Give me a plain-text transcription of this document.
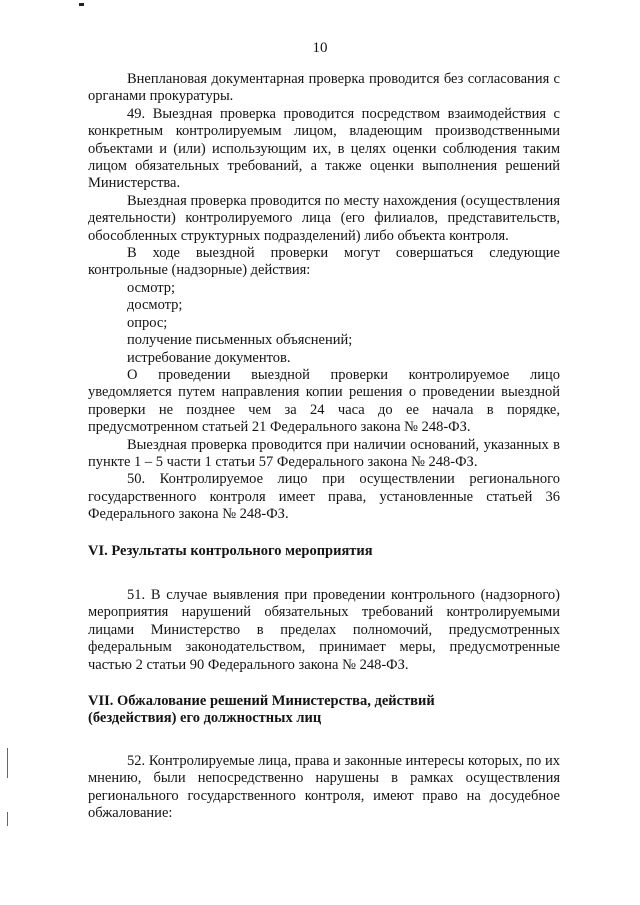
10

Внеплановая документарная проверка проводится без согласования с органами прокуратуры.

49. Выездная проверка проводится посредством взаимодействия с конкретным контролируемым лицом, владеющим производственными объектами и (или) использующим их, в целях оценки соблюдения таким лицом обязательных требований, а также оценки выполнения решений Министерства.

Выездная проверка проводится по месту нахождения (осуществления деятельности) контролируемого лица (его филиалов, представительств, обособленных структурных подразделений) либо объекта контроля.

В ходе выездной проверки могут совершаться следующие контрольные (надзорные) действия:

осмотр;

досмотр;

опрос;

получение письменных объяснений;

истребование документов.

О проведении выездной проверки контролируемое лицо уведомляется путем направления копии решения о проведении выездной проверки не позднее чем за 24 часа до ее начала в порядке, предусмотренном статьей 21 Федерального закона № 248-ФЗ.

Выездная проверка проводится при наличии оснований, указанных в пункте 1 – 5 части 1 статьи 57 Федерального закона № 248-ФЗ.

50. Контролируемое лицо при осуществлении регионального государственного контроля имеет права, установленные статьей 36 Федерального закона № 248-ФЗ.

VI. Результаты контрольного мероприятия

51. В случае выявления при проведении контрольного (надзорного) мероприятия нарушений обязательных требований контролируемыми лицами Министерство в пределах полномочий, предусмотренных федеральным законодательством, принимает меры, предусмотренные частью 2 статьи 90 Федерального закона № 248-ФЗ.

VII. Обжалование решений Министерства, действий

(бездействия) его должностных лиц

52. Контролируемые лица, права и законные интересы которых, по их мнению, были непосредственно нарушены в рамках осуществления регионального государственного контроля, имеют право на досудебное обжалование:
